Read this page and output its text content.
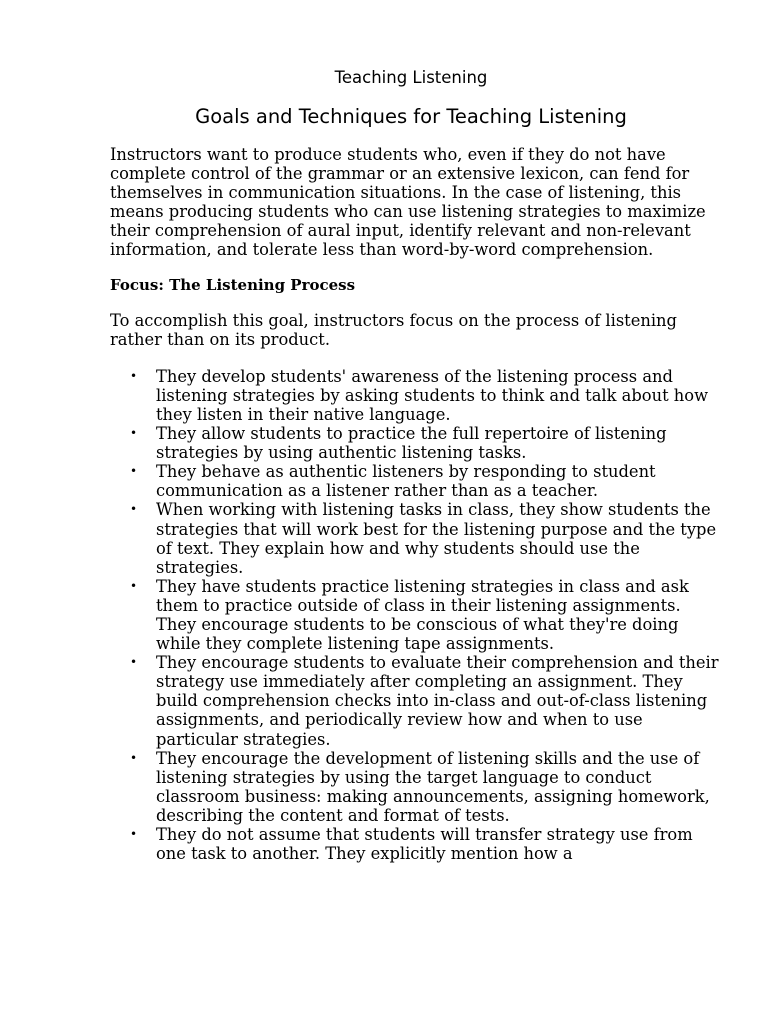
Teaching Listening
Goals and Techniques for Teaching Listening

Instructors want to produce students who, even if they do not have complete control of the grammar or an extensive lexicon, can fend for themselves in communication situations. In the case of listening, this means producing students who can use listening strategies to maximize their comprehension of aural input, identify relevant and non-relevant information, and tolerate less than word-by-word comprehension.

Focus: The Listening Process

To accomplish this goal, instructors focus on the process of listening rather than on its product.

• They develop students' awareness of the listening process and listening strategies by asking students to think and talk about how they listen in their native language.
• They allow students to practice the full repertoire of listening strategies by using authentic listening tasks.
• They behave as authentic listeners by responding to student communication as a listener rather than as a teacher.
• When working with listening tasks in class, they show students the strategies that will work best for the listening purpose and the type of text. They explain how and why students should use the strategies.
• They have students practice listening strategies in class and ask them to practice outside of class in their listening assignments. They encourage students to be conscious of what they're doing while they complete listening tape assignments.
• They encourage students to evaluate their comprehension and their strategy use immediately after completing an assignment. They build comprehension checks into in-class and out-of-class listening assignments, and periodically review how and when to use particular strategies.
• They encourage the development of listening skills and the use of listening strategies by using the target language to conduct classroom business: making announcements, assigning homework, describing the content and format of tests.
• They do not assume that students will transfer strategy use from one task to another. They explicitly mention how a
